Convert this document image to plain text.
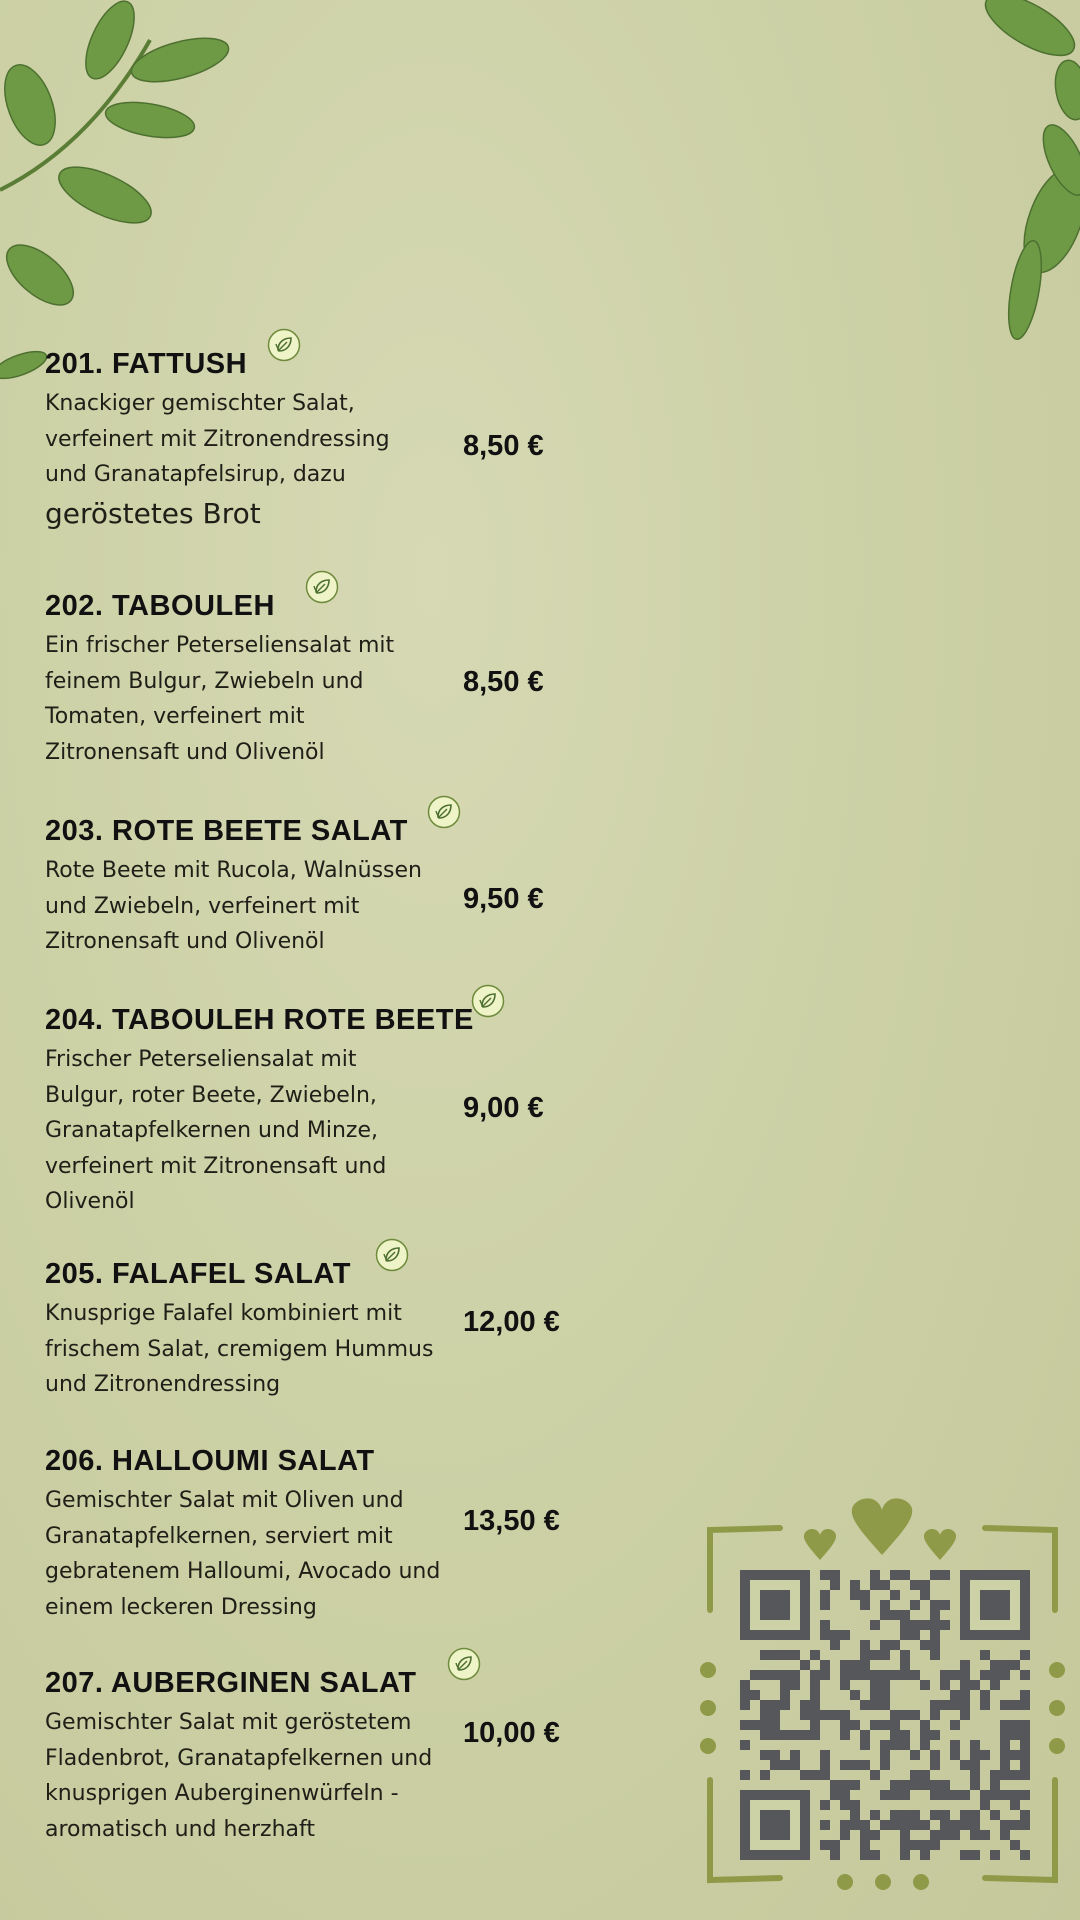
201. FATTUSH
Knackiger gemischter Salat,
verfeinert mit Zitronendressing
und Granatapfelsirup, dazu
geröstetes Brot
8,50 €
202. TABOULEH
Ein frischer Peterseliensalat mit
feinem Bulgur, Zwiebeln und
Tomaten, verfeinert mit
Zitronensaft und Olivenöl
8,50 €
203. ROTE BEETE SALAT
Rote Beete mit Rucola, Walnüssen
und Zwiebeln, verfeinert mit
Zitronensaft und Olivenöl
9,50 €
204. TABOULEH ROTE BEETE
Frischer Peterseliensalat mit
Bulgur, roter Beete, Zwiebeln,
Granatapfelkernen und Minze,
verfeinert mit Zitronensaft und
Olivenöl
9,00 €
205. FALAFEL SALAT
Knusprige Falafel kombiniert mit
frischem Salat, cremigem Hummus
und Zitronendressing
12,00 €
206. HALLOUMI SALAT
Gemischter Salat mit Oliven und
Granatapfelkernen, serviert mit
gebratenem Halloumi, Avocado und
einem leckeren Dressing
13,50 €
207. AUBERGINEN SALAT
Gemischter Salat mit geröstetem
Fladenbrot, Granatapfelkernen und
knusprigen Auberginenwürfeln -
aromatisch und herzhaft
10,00 €
